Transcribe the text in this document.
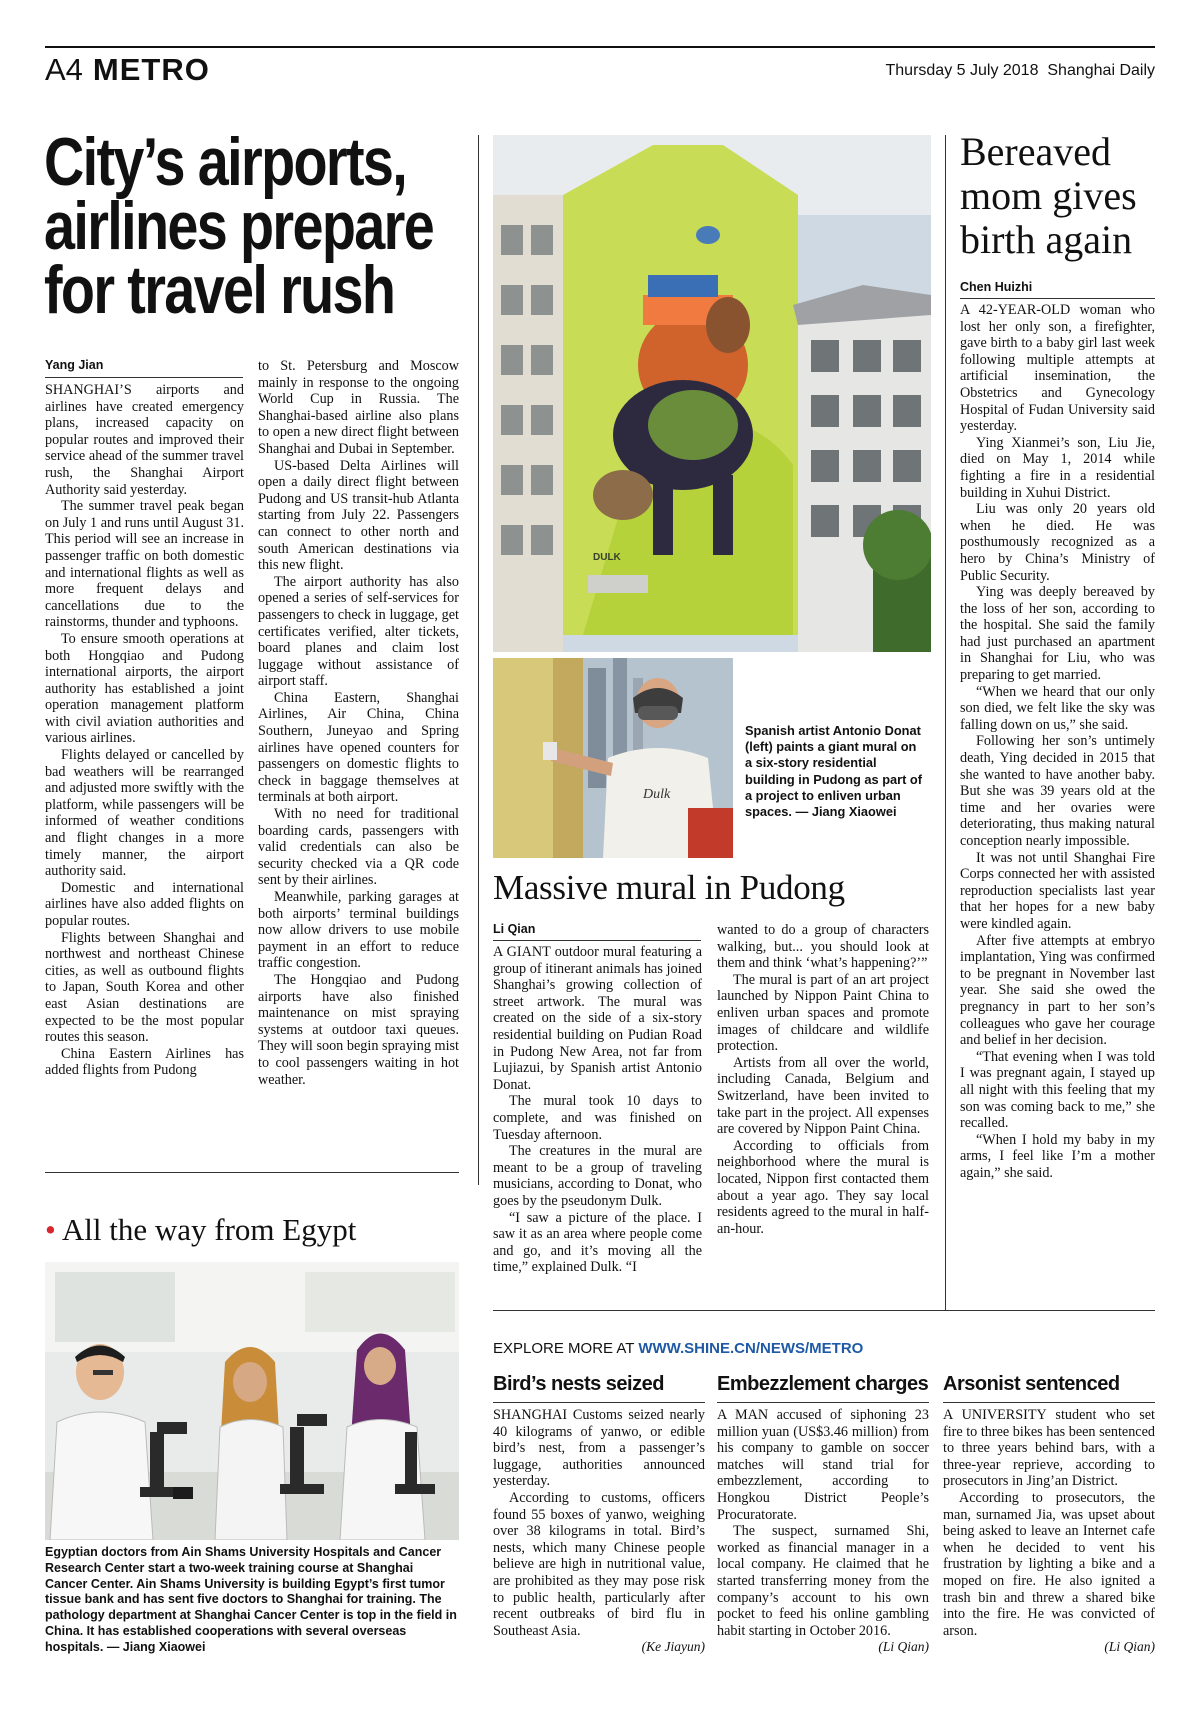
A4 METRO	Thursday 5 July 2018 Shanghai Daily
City’s airports,
airlines prepare
for travel rush
Yang Jian

SHANGHAI’S airports and airlines have created emergency plans, increased capacity on popular routes and improved their service ahead of the summer travel rush, the Shanghai Airport Authority said yesterday.

The summer travel peak began on July 1 and runs until August 31. This period will see an increase in passenger traffic on both domestic and international flights as well as more frequent delays and cancellations due to the rainstorms, thunder and typhoons.

To ensure smooth operations at both Hongqiao and Pudong international airports, the airport authority has established a joint operation management platform with civil aviation authorities and various airlines.

Flights delayed or cancelled by bad weathers will be rearranged and adjusted more swiftly with the platform, while passengers will be informed of weather conditions and flight changes in a more timely manner, the airport authority said.

Domestic and international airlines have also added flights on popular routes.

Flights between Shanghai and northwest and northeast Chinese cities, as well as outbound flights to Japan, South Korea and other east Asian destinations are expected to be the most popular routes this season.

China Eastern Airlines has added flights from Pudong

to St. Petersburg and Moscow mainly in response to the ongoing World Cup in Russia. The Shanghai-based airline also plans to open a new direct flight between Shanghai and Dubai in September.

US-based Delta Airlines will open a daily direct flight between Pudong and US transit-hub Atlanta starting from July 22. Passengers can connect to other north and south American destinations via this new flight.

The airport authority has also opened a series of self-services for passengers to check in luggage, get certificates verified, alter tickets, board planes and claim lost luggage without assistance of airport staff.

China Eastern, Shanghai Airlines, Air China, China Southern, Juneyao and Spring airlines have opened counters for passengers on domestic flights to check in baggage themselves at terminals at both airport.

With no need for traditional boarding cards, passengers with valid credentials can also be security checked via a QR code sent by their airlines.

Meanwhile, parking garages at both airports’ terminal buildings now allow drivers to use mobile payment in an effort to reduce traffic congestion.

The Hongqiao and Pudong airports have also finished maintenance on mist spraying systems at outdoor taxi queues. They will soon begin spraying mist to cool passengers waiting in hot weather.

• All the way from Egypt
Egyptian doctors from Ain Shams University Hospitals and Cancer Research Center start a two-week training course at Shanghai Cancer Center. Ain Shams University is building Egypt’s first tumor tissue bank and has sent five doctors to Shanghai for training. The pathology department at Shanghai Cancer Center is top in the field in China. It has established cooperations with several overseas hospitals. — Jiang Xiaowei
DULK
Dulk
Spanish artist Antonio Donat (left) paints a giant mural on a six-story residential building in Pudong as part of a project to enliven urban spaces. — Jiang Xiaowei
Massive mural in Pudong
Li Qian

A GIANT outdoor mural featuring a group of itinerant animals has joined Shanghai’s growing collection of street artwork. The mural was created on the side of a six-story residential building on Pudian Road in Pudong New Area, not far from Lujiazui, by Spanish artist Antonio Donat.

The mural took 10 days to complete, and was finished on Tuesday afternoon.

The creatures in the mural are meant to be a group of traveling musicians, according to Donat, who goes by the pseudonym Dulk.

“I saw a picture of the place. I saw it as an area where people come and go, and it’s moving all the time,” explained Dulk. “I

wanted to do a group of characters walking, but... you should look at them and think ‘what’s happening?’”

The mural is part of an art project launched by Nippon Paint China to enliven urban spaces and promote images of childcare and wildlife protection.

Artists from all over the world, including Canada, Belgium and Switzerland, have been invited to take part in the project. All expenses are covered by Nippon Paint China.

According to officials from neighborhood where the mural is located, Nippon first contacted them about a year ago. They say local residents agreed to the mural in half-an-hour.

Bereaved
mom gives
birth again
Chen Huizhi

A 42-YEAR-OLD woman who lost her only son, a firefighter, gave birth to a baby girl last week following multiple attempts at artificial insemination, the Obstetrics and Gynecology Hospital of Fudan University said yesterday.

Ying Xianmei’s son, Liu Jie, died on May 1, 2014 while fighting a fire in a residential building in Xuhui District.

Liu was only 20 years old when he died. He was posthumously recognized as a hero by China’s Ministry of Public Security.

Ying was deeply bereaved by the loss of her son, according to the hospital. She said the family had just purchased an apartment in Shanghai for Liu, who was preparing to get married.

“When we heard that our only son died, we felt like the sky was falling down on us,” she said.

Following her son’s untimely death, Ying decided in 2015 that she wanted to have another baby. But she was 39 years old at the time and her ovaries were deteriorating, thus making natural conception nearly impossible.

It was not until Shanghai Fire Corps connected her with assisted reproduction specialists last year that her hopes for a new baby were kindled again.

After five attempts at embryo implantation, Ying was confirmed to be pregnant in November last year. She said she owed the pregnancy in part to her son’s colleagues who gave her courage and belief in her decision.

“That evening when I was told I was pregnant again, I stayed up all night with this feeling that my son was coming back to me,” she recalled.

“When I hold my baby in my arms, I feel like I’m a mother again,” she said.

EXPLORE MORE AT WWW.SHINE.CN/NEWS/METRO
Bird’s nests seized

SHANGHAI Customs seized nearly 40 kilograms of yanwo, or edible bird’s nest, from a passenger’s luggage, authorities announced yesterday.

According to customs, officers found 55 boxes of yanwo, weighing over 38 kilograms in total. Bird’s nests, which many Chinese people believe are high in nutritional value, are prohibited as they may pose risk to public health, particularly after recent outbreaks of bird flu in Southeast Asia.

(Ke Jiayun)
Embezzlement charges

A MAN accused of siphoning 23 million yuan (US$3.46 million) from his company to gamble on soccer matches will stand trial for embezzlement, according to Hongkou District People’s Procuratorate.

The suspect, surnamed Shi, worked as financial manager in a local company. He claimed that he started transferring money from the company’s account to his own pocket to feed his online gambling habit starting in October 2016.

(Li Qian)
Arsonist sentenced

A UNIVERSITY student who set fire to three bikes has been sentenced to three years behind bars, with a three-year reprieve, according to prosecutors in Jing’an District.

According to prosecutors, the man, surnamed Jia, was upset about being asked to leave an Internet cafe when he decided to vent his frustration by lighting a bike and a moped on fire. He also ignited a trash bin and threw a shared bike into the fire. He was convicted of arson.

(Li Qian)
